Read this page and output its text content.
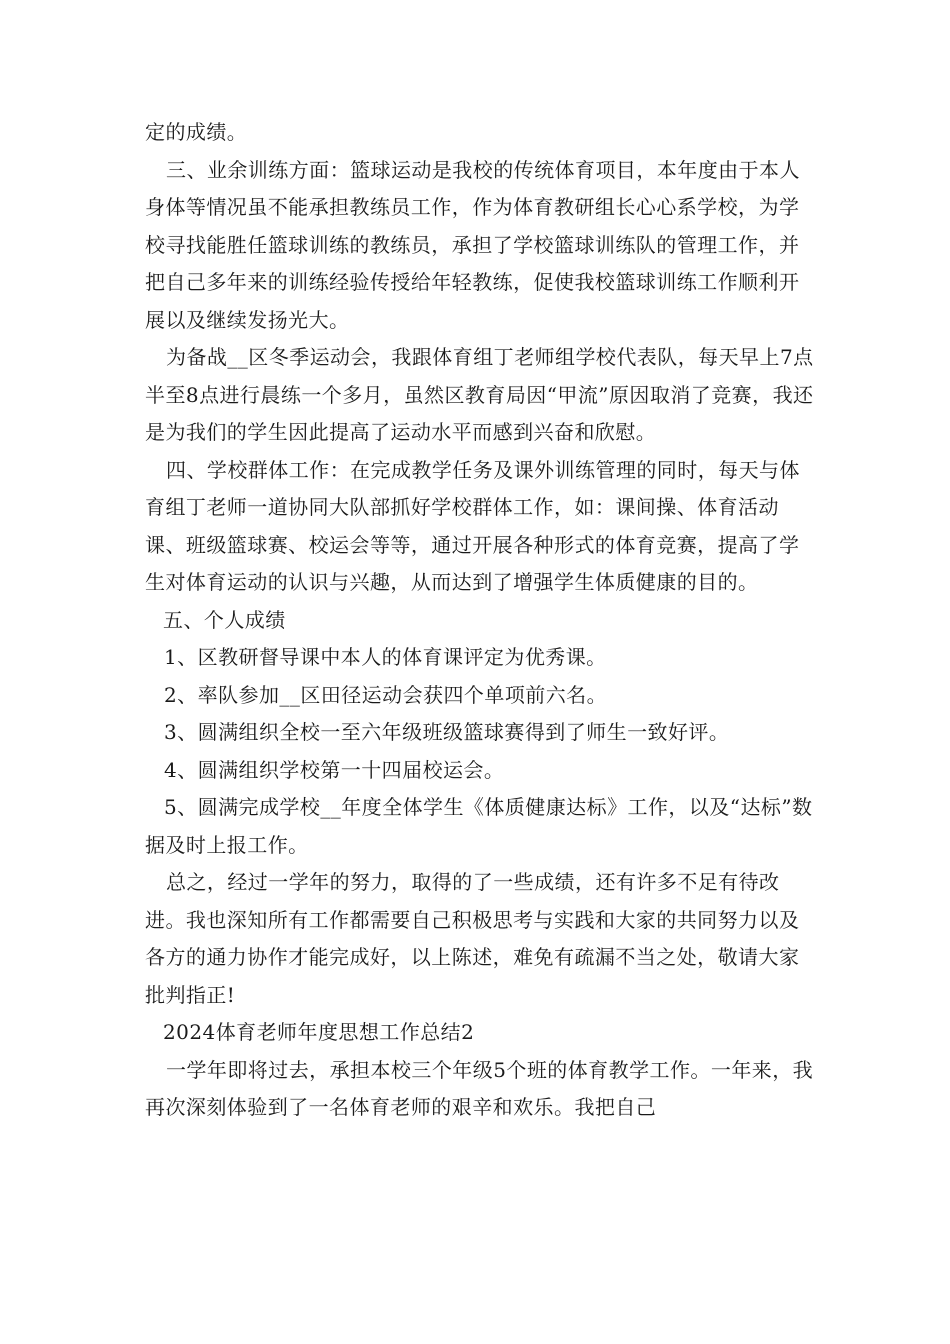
定的成绩。

三、业余训练方面：篮球运动是我校的传统体育项目，本年度由于本人身体等情况虽不能承担教练员工作，作为体育教研组长心心系学校，为学校寻找能胜任篮球训练的教练员，承担了学校篮球训练队的管理工作，并把自己多年来的训练经验传授给年轻教练，促使我校篮球训练工作顺利开展以及继续发扬光大。

为备战__区冬季运动会，我跟体育组丁老师组学校代表队，每天早上7点半至8点进行晨练一个多月，虽然区教育局因“甲流”原因取消了竞赛，我还是为我们的学生因此提高了运动水平而感到兴奋和欣慰。

四、学校群体工作：在完成教学任务及课外训练管理的同时，每天与体育组丁老师一道协同大队部抓好学校群体工作，如：课间操、体育活动课、班级篮球赛、校运会等等，通过开展各种形式的体育竞赛，提高了学生对体育运动的认识与兴趣，从而达到了增强学生体质健康的目的。

五、个人成绩

1、区教研督导课中本人的体育课评定为优秀课。

2、率队参加__区田径运动会获四个单项前六名。

3、圆满组织全校一至六年级班级篮球赛得到了师生一致好评。

4、圆满组织学校第一十四届校运会。

5、圆满完成学校__年度全体学生《体质健康达标》工作，以及“达标”数据及时上报工作。

总之，经过一学年的努力，取得的了一些成绩，还有许多不足有待改进。我也深知所有工作都需要自己积极思考与实践和大家的共同努力以及各方的通力协作才能完成好，以上陈述，难免有疏漏不当之处，敬请大家批判指正!

2024体育老师年度思想工作总结2

一学年即将过去，承担本校三个年级5个班的体育教学工作。一年来，我再次深刻体验到了一名体育老师的艰辛和欢乐。我把自己
